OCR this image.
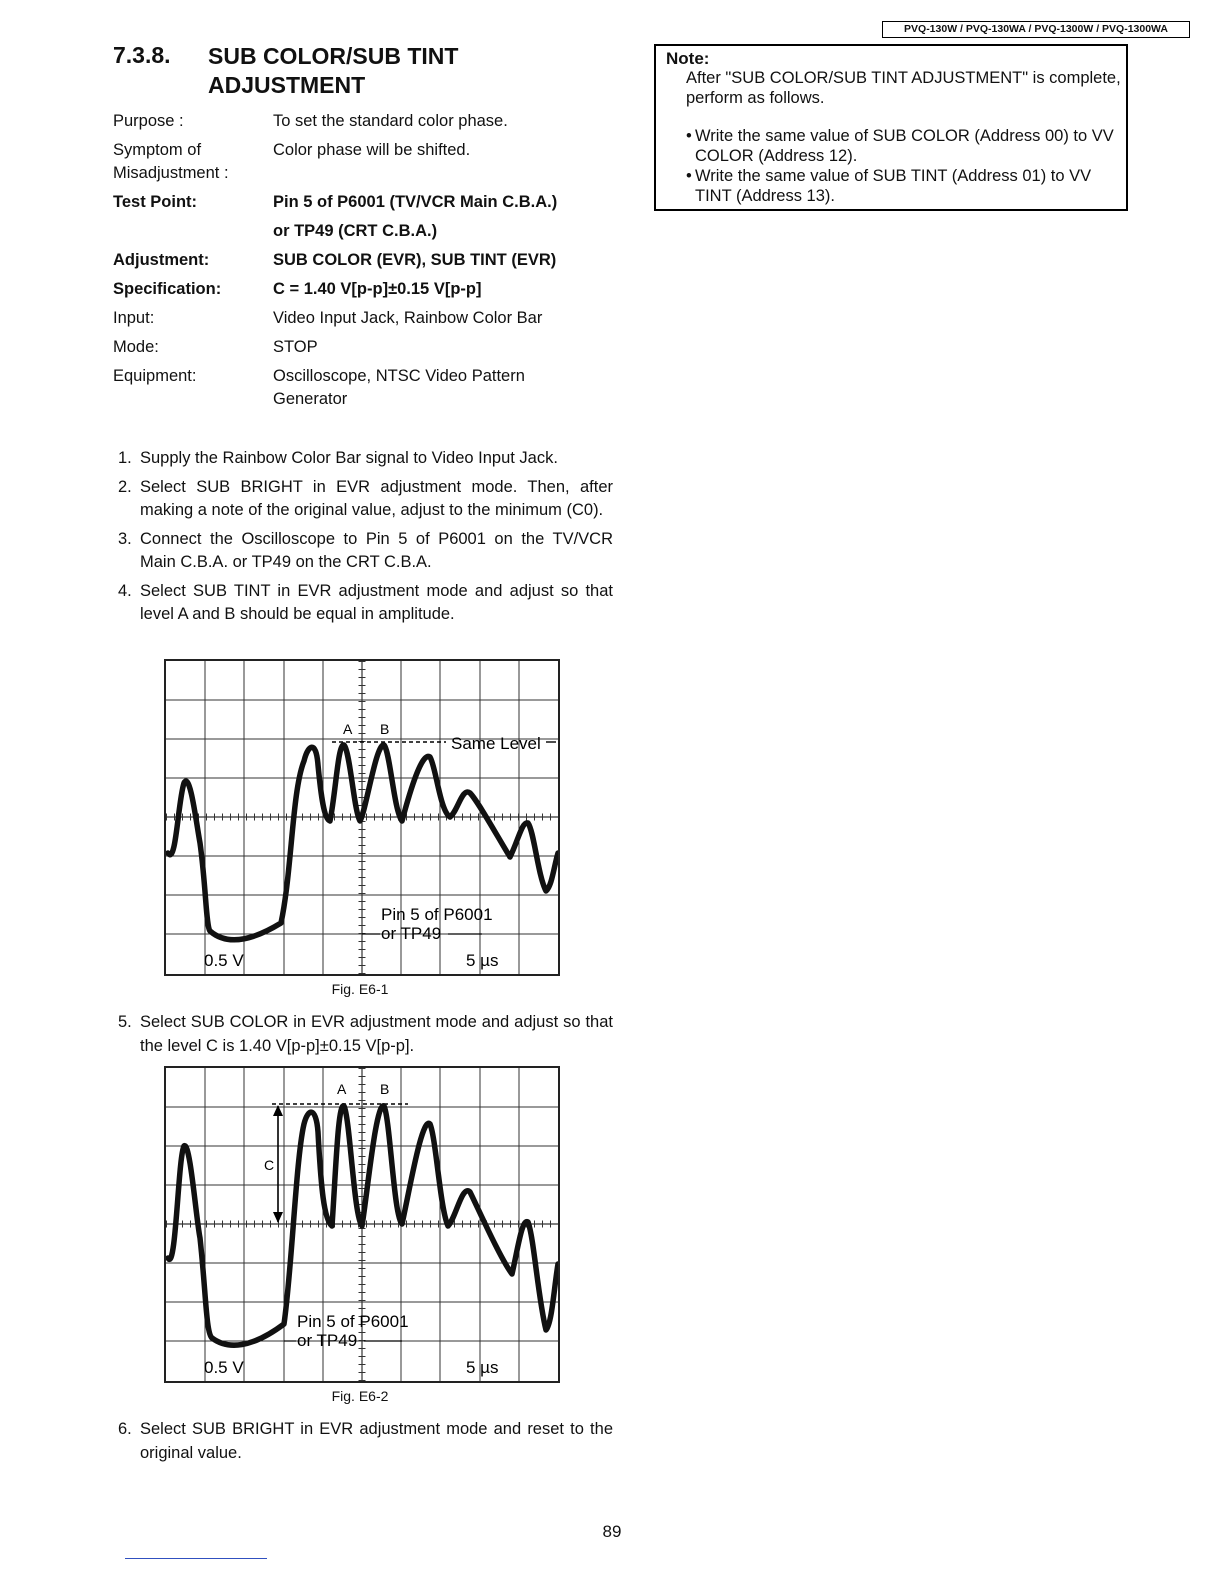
PVQ-130W / PVQ-130WA / PVQ-1300W / PVQ-1300WA
7.3.8. SUB COLOR/SUB TINT
ADJUSTMENT
Purpose :	To set the standard color phase.

Symptom of
Misadjustment :	Color phase will be shifted.
Test Point:	Pin 5 of P6001 (TV/VCR Main C.B.A.)
or TP49 (CRT C.B.A.)

Adjustment:	SUB COLOR (EVR), SUB TINT (EVR)
Specification:	C = 1.40 V[p-p]±0.15 V[p-p]
Input:	Video Input Jack, Rainbow Color Bar
Mode:	STOP
Equipment:	Oscilloscope, NTSC Video Pattern
Generator
1. Supply the Rainbow Color Bar signal to Video Input Jack.
2. Select SUB BRIGHT in EVR adjustment mode. Then, after making a note of the original value, adjust to the minimum (C0).
3. Connect the Oscilloscope to Pin 5 of P6001 on the TV/VCR Main C.B.A. or TP49 on the CRT C.B.A.
4. Select SUB TINT in EVR adjustment mode and adjust so that level A and B should be equal in amplitude.
A B
Same Level
Pin 5 of P6001
or TP49
0.5 V	5 µs
Fig. E6-1
5. Select SUB COLOR in EVR adjustment mode and adjust so that the level C is 1.40 V[p-p]±0.15 V[p-p].
A B
C
Pin 5 of P6001
or TP49
0.5 V	5 µs
Fig. E6-2
6. Select SUB BRIGHT in EVR adjustment mode and reset to the original value.
Note:

After "SUB COLOR/SUB TINT ADJUSTMENT" is complete, perform as follows.

• Write the same value of SUB COLOR (Address 00) to VV COLOR (Address 12).
• Write the same value of SUB TINT (Address 01) to VV TINT (Address 13).
89
